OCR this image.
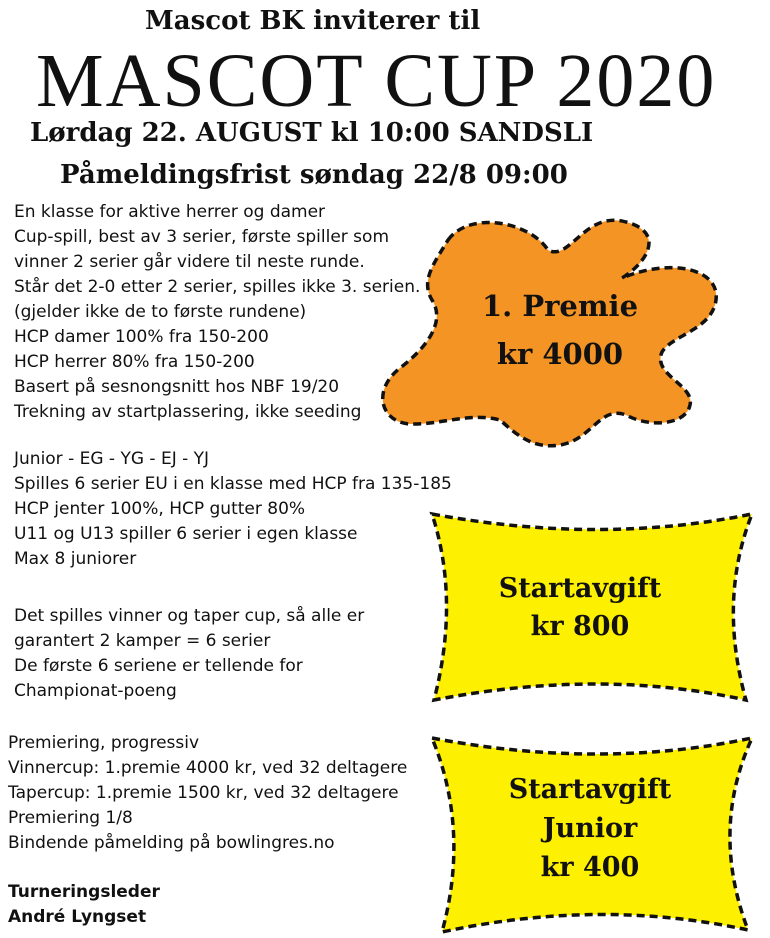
Mascot BK inviterer til
MASCOT CUP 2020
Lørdag 22. AUGUST kl 10:00 SANDSLI
Påmeldingsfrist søndag 22/8 09:00
1. Premie
kr 4000
Startavgift
kr 800
Startavgift
Junior
kr 400
En klasse for aktive herrer og damer
Cup-spill, best av 3 serier, første spiller som
vinner 2 serier går videre til neste runde.
Står det 2-0 etter 2 serier, spilles ikke 3. serien.
(gjelder ikke de to første rundene)
HCP damer 100% fra 150-200
HCP herrer 80% fra 150-200
Basert på sesnongsnitt hos NBF 19/20
Trekning av startplassering, ikke seeding
Junior - EG - YG - EJ - YJ
Spilles 6 serier EU i en klasse med HCP fra 135-185
HCP jenter 100%, HCP gutter 80%
U11 og U13 spiller 6 serier i egen klasse
Max 8 juniorer
Det spilles vinner og taper cup, så alle er
garantert 2 kamper = 6 serier
De første 6 seriene er tellende for
Championat-poeng
Premiering, progressiv
Vinnercup: 1.premie 4000 kr, ved 32 deltagere
Tapercup: 1.premie 1500 kr, ved 32 deltagere
Premiering 1/8
Bindende påmelding på bowlingres.no
Turneringsleder
André Lyngset
